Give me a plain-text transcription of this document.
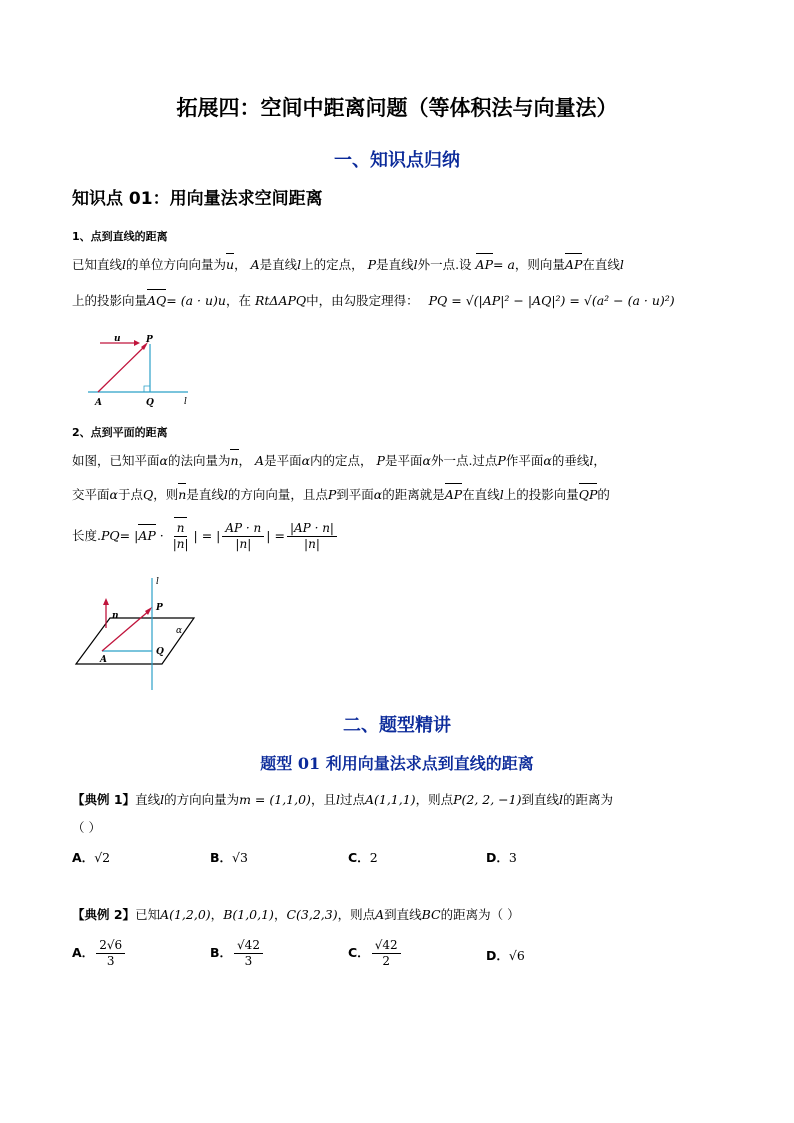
拓展四：空间中距离问题（等体积法与向量法）
一、知识点归纳
知识点 01：用向量法求空间距离
1、点到直线的距离
已知直线l的单位方向向量为u， A是直线l上的定点， P是直线l外一点.设 AP= a，则向量AP在直线l
上的投影向量AQ= (a · u)u，在 RtΔAPQ中，由勾股定理得： PQ = √(|AP|² − |AQ|²) = √(a² − (a · u)²)
u	P
A	Q	l
2、点到平面的距离
如图，已知平面α的法向量为n， A是平面α内的定点， P是平面α外一点.过点P作平面α的垂线l，
交平面α于点Q，则n是直线l的方向向量，且点P到平面α的距离就是AP在直线l上的投影向量QP的
长度$.PQ= |AP \cdot \frac{n}{|n|}$ | = | $\frac{AP \cdot n}{|n|}$ | = $\frac{|AP \cdot n|}{|n|}$
l
n
P
α
A
Q
二、题型精讲
题型 01 利用向量法求点到直线的距离
【典例 1】直线l的方向向量为m = (1,1,0)，且l过点A(1,1,1)，则点P(2, 2, −1)到直线l的距离为
（ ）
A．√2	B．√3	C．2	D．3
【典例 2】已知A(1,2,0)，B(1,0,1)，C(3,2,3)，则点A到直线BC的距离为（ ）
A． $\frac{2√6}{3}$	B． $\frac{√42}{3}$	C． $\frac{√42}{2}$	D．√6
